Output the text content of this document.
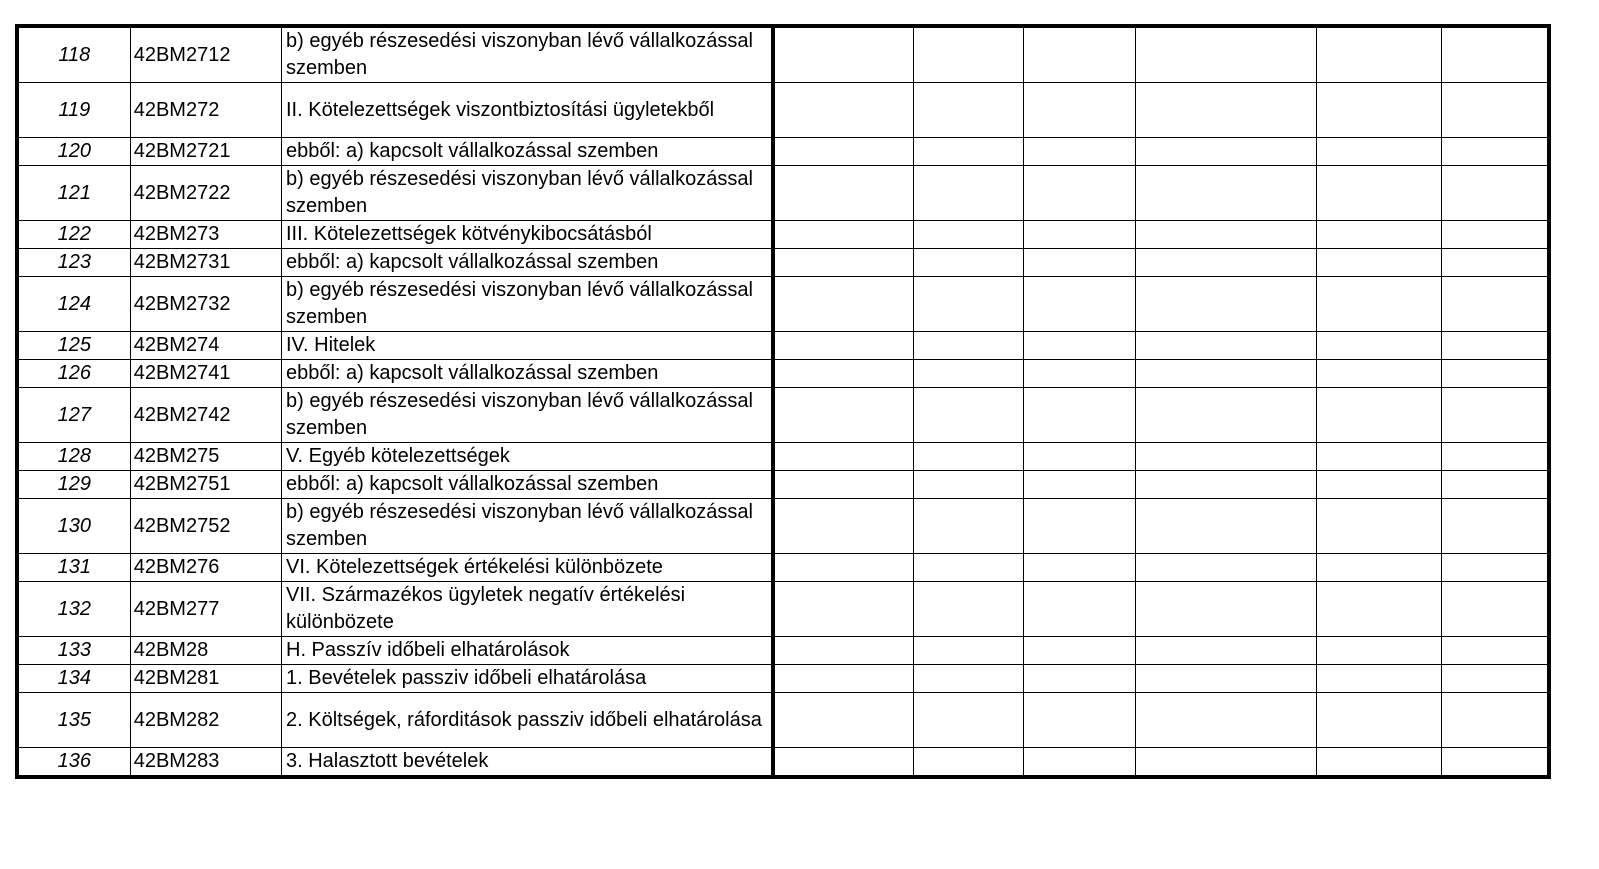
118	42BM2712	b) egyéb részesedési viszonyban lévő vállalkozással szemben						
119	42BM272	II. Kötelezettségek viszontbiztosítási ügyletekből						
120	42BM2721	ebből: a) kapcsolt vállalkozással szemben						
121	42BM2722	b) egyéb részesedési viszonyban lévő vállalkozással szemben						
122	42BM273	III. Kötelezettségek kötvénykibocsátásból						
123	42BM2731	ebből: a) kapcsolt vállalkozással szemben						
124	42BM2732	b) egyéb részesedési viszonyban lévő vállalkozással szemben						
125	42BM274	IV. Hitelek						
126	42BM2741	ebből: a) kapcsolt vállalkozással szemben						
127	42BM2742	b) egyéb részesedési viszonyban lévő vállalkozással szemben						
128	42BM275	V. Egyéb kötelezettségek						
129	42BM2751	ebből: a) kapcsolt vállalkozással szemben						
130	42BM2752	b) egyéb részesedési viszonyban lévő vállalkozással szemben						
131	42BM276	VI. Kötelezettségek értékelési különbözete						
132	42BM277	VII. Származékos ügyletek negatív értékelési különbözete						
133	42BM28	H. Passzív időbeli elhatárolások						
134	42BM281	1. Bevételek passziv időbeli elhatárolása						
135	42BM282	2. Költségek, ráforditások passziv időbeli elhatárolása						
136	42BM283	3. Halasztott bevételek						
